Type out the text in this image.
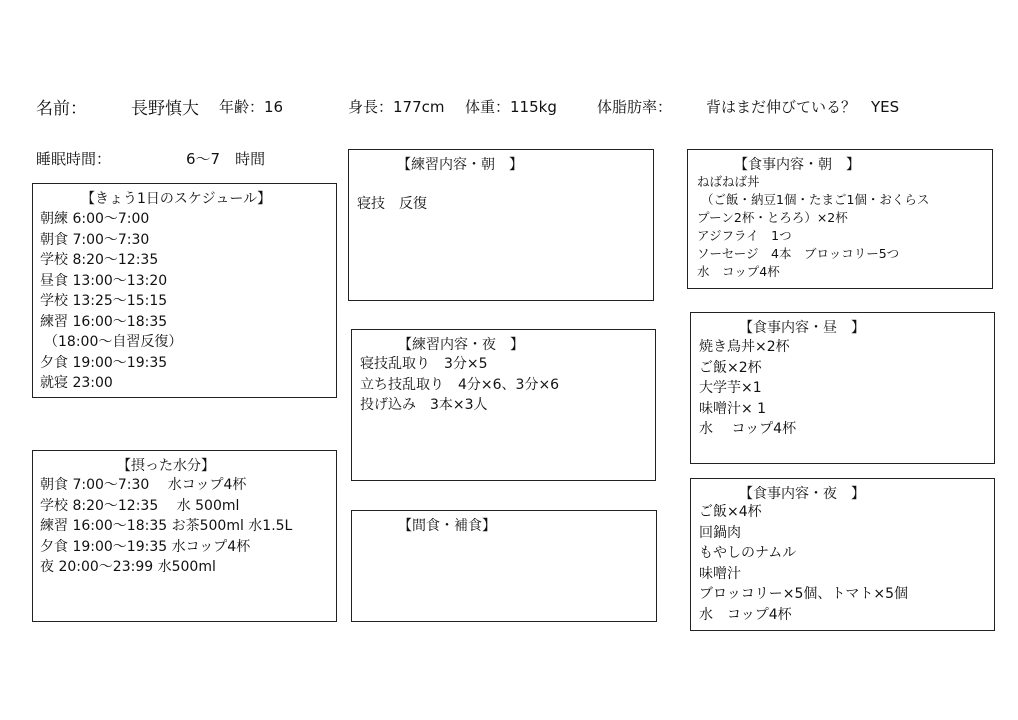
名前：	長野慎大 年齢：16	身長：177cm 体重：115kg	体脂肪率： 背はまだ伸びている？　YES
睡眠時間：	6〜7　時間
【きょう1日のスケジュール】
朝練 6:00〜7:00
朝食 7:00〜7:30
学校 8:20〜12:35
昼食 13:00〜13:20
学校 13:25〜15:15
練習 16:00〜18:35
（18:00〜自習反復）
夕食 19:00〜19:35
就寝 23:00
【摂った水分】
朝食 7:00〜7:30　 水コップ4杯
学校 8:20〜12:35　 水 500ml
練習 16:00〜18:35 お茶500ml 水1.5L
夕食 19:00〜19:35 水コップ4杯
夜 20:00〜23:99 水500ml
【練習内容・朝　】
寝技　反復
【練習内容・夜　】
寝技乱取り　3分×5
立ち技乱取り　4分×6、3分×6
投げ込み　3本×3人
【間食・補食】
【食事内容・朝　】
ねばねば丼
（ご飯・納豆1個・たまご1個・おくらス
プーン2杯・とろろ）×2杯
アジフライ　1つ
ソーセージ　4本　ブロッコリー5つ
水　コップ4杯
【食事内容・昼　】
焼き鳥丼×2杯
ご飯×2杯
大学芋×1
味噌汁× 1
水　 コップ4杯
【食事内容・夜　】
ご飯×4杯
回鍋肉
もやしのナムル
味噌汁
ブロッコリー×5個、トマト×5個
水　コップ4杯
